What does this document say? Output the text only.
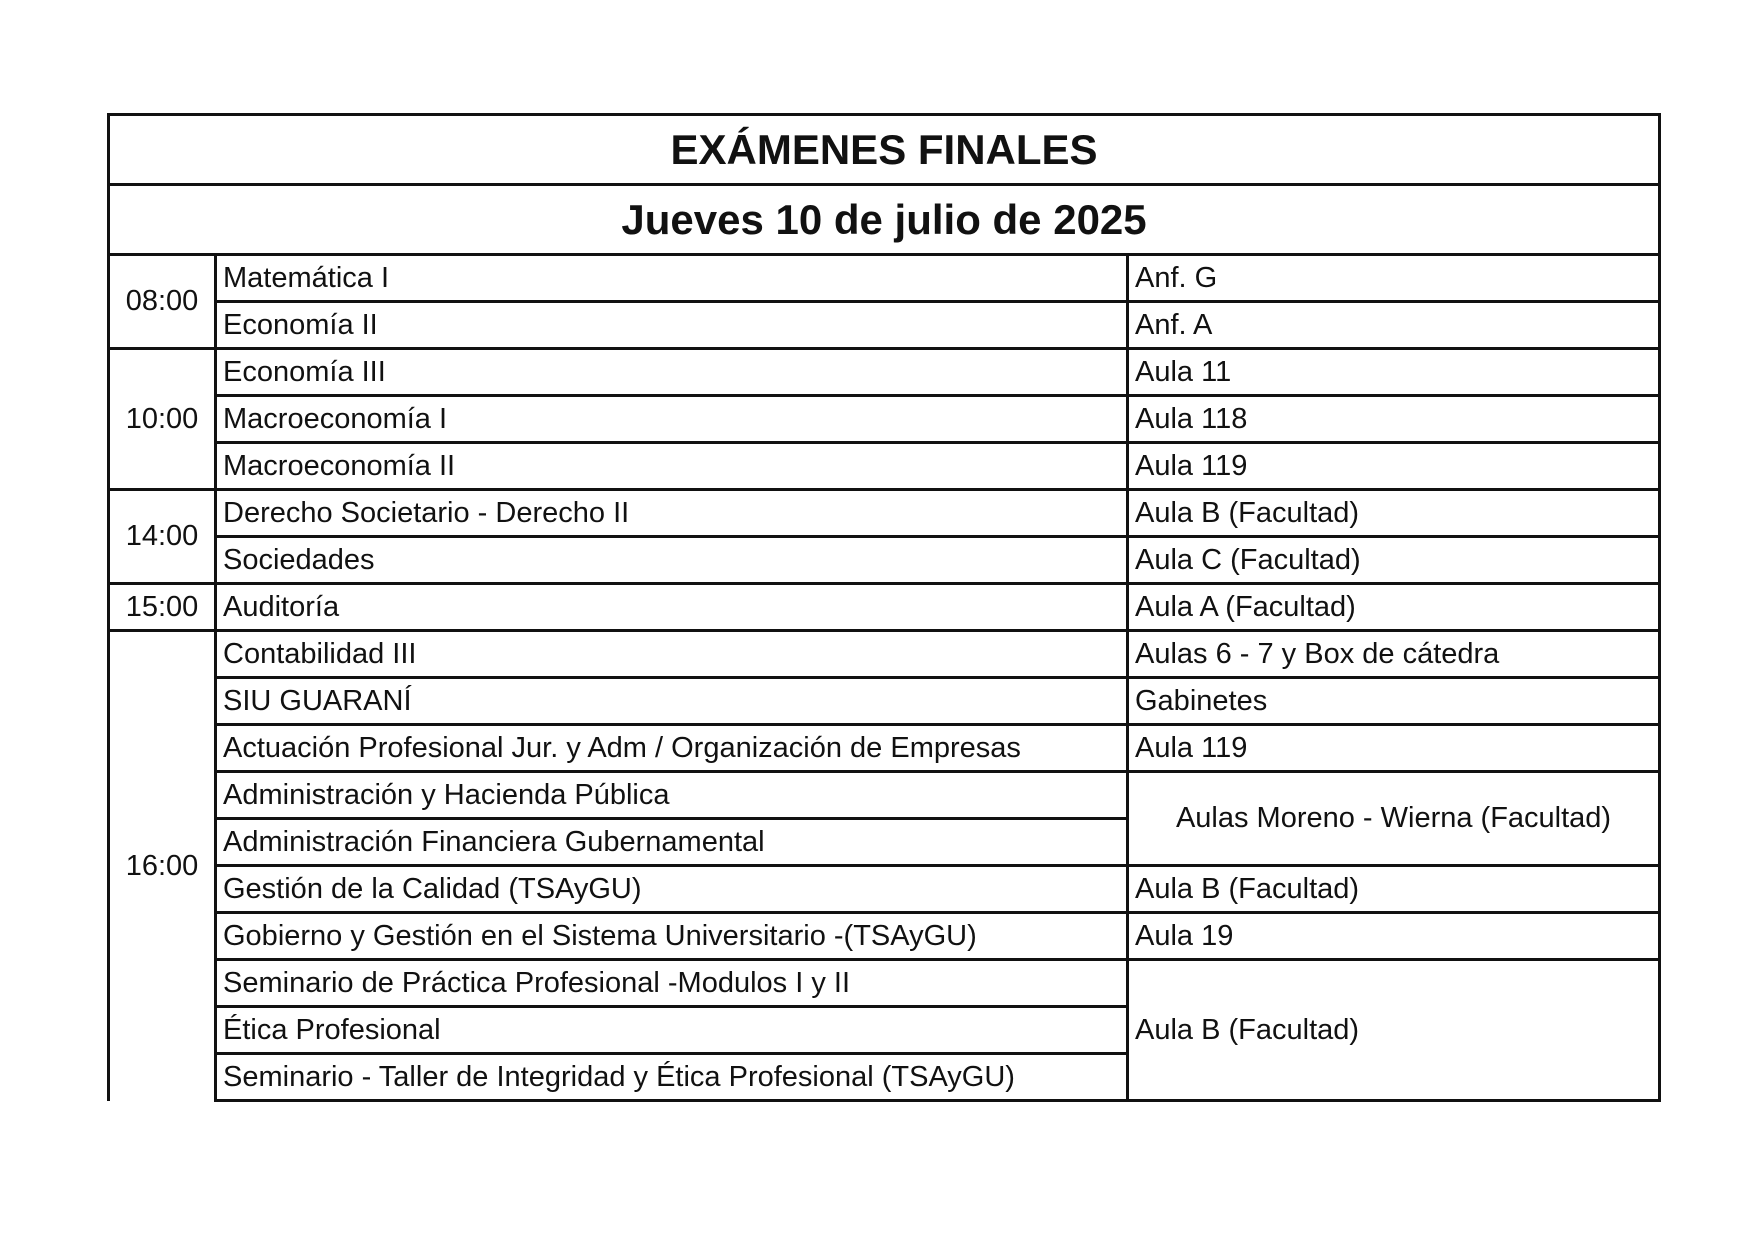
EXÁMENES FINALES		
Jueves 10 de julio de 2025		
08:00	Matemática I	Anf. G
	Economía II	Anf. A
10:00	Economía III	Aula 11
	Macroeconomía I	Aula 118
	Macroeconomía II	Aula 119
14:00	Derecho Societario - Derecho II	Aula B (Facultad)
	Sociedades	Aula C (Facultad)
15:00	Auditoría	Aula A (Facultad)
16:00	Contabilidad III	Aulas 6 - 7 y Box de cátedra
	SIU GUARANÍ	Gabinetes
	Actuación Profesional Jur. y Adm / Organización de Empresas	Aula 119
	Administración y Hacienda Pública	Aulas Moreno - Wierna (Facultad)
	Administración Financiera Gubernamental	
	Gestión de la Calidad (TSAyGU)	Aula B (Facultad)
	Gobierno y Gestión en el Sistema Universitario -(TSAyGU)	Aula 19
	Seminario de Práctica Profesional -Modulos I y II	Aula B (Facultad)
	Ética Profesional	
	Seminario - Taller de Integridad y Ética Profesional (TSAyGU)	
